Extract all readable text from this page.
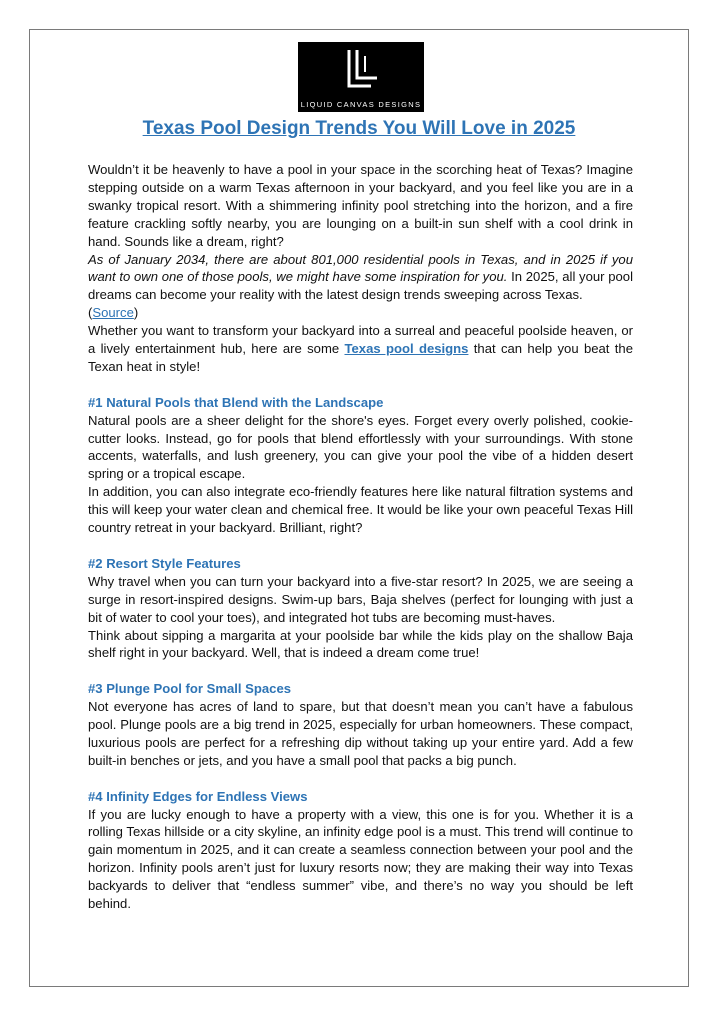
LIQUID CANVAS DESIGNS
Texas Pool Design Trends You Will Love in 2025

Wouldn’t it be heavenly to have a pool in your space in the scorching heat of Texas? Imagine stepping outside on a warm Texas afternoon in your backyard, and you feel like you are in a swanky tropical resort. With a shimmering infinity pool stretching into the horizon, and a fire feature crackling softly nearby, you are lounging on a built-in sun shelf with a cool drink in hand. Sounds like a dream, right?

As of January 2034, there are about 801,000 residential pools in Texas, and in 2025 if you want to own one of those pools, we might have some inspiration for you. In 2025, all your pool dreams can become your reality with the latest design trends sweeping across Texas.

(Source)

Whether you want to transform your backyard into a surreal and peaceful poolside heaven, or a lively entertainment hub, here are some Texas pool designs that can help you beat the Texan heat in style!

#1 Natural Pools that Blend with the Landscape

Natural pools are a sheer delight for the shore's eyes. Forget every overly polished, cookie-cutter looks. Instead, go for pools that blend effortlessly with your surroundings. With stone accents, waterfalls, and lush greenery, you can give your pool the vibe of a hidden desert spring or a tropical escape.

In addition, you can also integrate eco-friendly features here like natural filtration systems and this will keep your water clean and chemical free. It would be like your own peaceful Texas Hill country retreat in your backyard. Brilliant, right?

#2 Resort Style Features

Why travel when you can turn your backyard into a five-star resort? In 2025, we are seeing a surge in resort-inspired designs. Swim-up bars, Baja shelves (perfect for lounging with just a bit of water to cool your toes), and integrated hot tubs are becoming must-haves.

Think about sipping a margarita at your poolside bar while the kids play on the shallow Baja shelf right in your backyard. Well, that is indeed a dream come true!

#3 Plunge Pool for Small Spaces

Not everyone has acres of land to spare, but that doesn’t mean you can’t have a fabulous pool. Plunge pools are a big trend in 2025, especially for urban homeowners. These compact, luxurious pools are perfect for a refreshing dip without taking up your entire yard. Add a few built-in benches or jets, and you have a small pool that packs a big punch.

#4 Infinity Edges for Endless Views

If you are lucky enough to have a property with a view, this one is for you. Whether it is a rolling Texas hillside or a city skyline, an infinity edge pool is a must. This trend will continue to gain momentum in 2025, and it can create a seamless connection between your pool and the horizon. Infinity pools aren’t just for luxury resorts now; they are making their way into Texas backyards to deliver that “endless summer” vibe, and there’s no way you should be left behind.
